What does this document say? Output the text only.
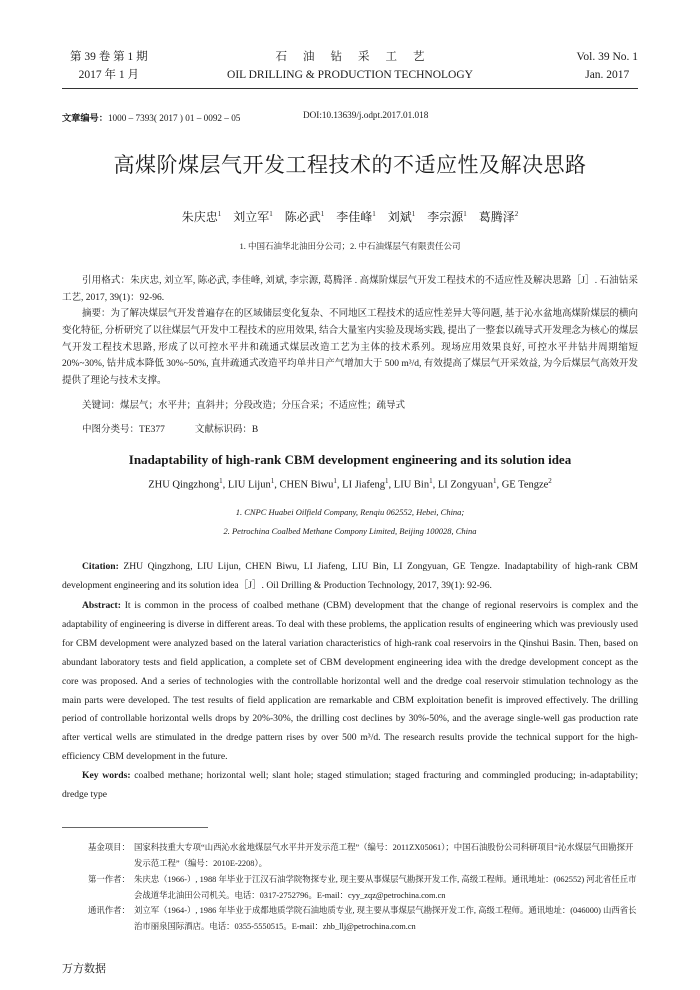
第 39 卷 第 1 期
2017 年 1 月
石油钻采工艺
OIL DRILLING & PRODUCTION TECHNOLOGY
Vol. 39 No. 1
Jan. 2017
文章编号：1000 – 7393( 2017 ) 01 – 0092 – 05	DOI:10.13639/j.odpt.2017.01.018
高煤阶煤层气开发工程技术的不适应性及解决思路
朱庆忠$^1$  刘立军$^1$  陈必武$^1$  李佳峰$^1$  刘斌$^1$  李宗源$^1$  葛腾泽$^2$
1. 中国石油华北油田分公司；2. 中石油煤层气有限责任公司
引用格式：朱庆忠, 刘立军, 陈必武, 李佳峰, 刘斌, 李宗源, 葛腾泽 . 高煤阶煤层气开发工程技术的不适应性及解决思路［J］. 石油钻采工艺, 2017, 39(1)：92-96.
摘要：为了解决煤层气开发普遍存在的区域储层变化复杂、不同地区工程技术的适应性差异大等问题, 基于沁水盆地高煤阶煤层的横向变化特征, 分析研究了以往煤层气开发中工程技术的应用效果, 结合大量室内实验及现场实践, 提出了一整套以疏导式开发理念为核心的煤层气开发工程技术思路, 形成了以可控水平井和疏通式煤层改造工艺为主体的技术系列。现场应用效果良好, 可控水平井钻井周期缩短 20%~30%, 钻井成本降低 30%~50%, 直井疏通式改造平均单井日产气增加大于 500 m³/d, 有效提高了煤层气开采效益, 为今后煤层气高效开发提供了理论与技术支撑。
关键词：煤层气；水平井；直斜井；分段改造；分压合采；不适应性；疏导式
中图分类号：TE377	文献标识码：B
Inadaptability of high-rank CBM development engineering and its solution idea
ZHU Qingzhong$^1$, LIU Lijun$^1$, CHEN Biwu$^1$, LI Jiafeng$^1$, LIU Bin$^1$, LI Zongyuan$^1$, GE Tengze$^2$
1. CNPC Huabei Oilfield Company, Renqiu 062552, Hebei, China;
2. Petrochina Coalbed Methane Compony Limited, Beijing 100028, China
Citation: ZHU Qingzhong, LIU Lijun, CHEN Biwu, LI Jiafeng, LIU Bin, LI Zongyuan, GE Tengze. Inadaptability of high-rank CBM development engineering and its solution idea［J］. Oil Drilling & Production Technology, 2017, 39(1): 92-96.
Abstract: It is common in the process of coalbed methane (CBM) development that the change of regional reservoirs is complex and the adaptability of engineering is diverse in different areas. To deal with these problems, the application results of engineering which was previously used for CBM development were analyzed based on the lateral variation characteristics of high-rank coal reservoirs in the Qinshui Basin. Then, based on abundant laboratory tests and field application, a complete set of CBM development engineering idea with the dredge development concept as the core was proposed. And a series of technologies with the controllable horizontal well and the dredge coal reservoir stimulation technology as the main parts were developed. The test results of field application are remarkable and CBM exploitation benefit is improved effectively. The drilling period of controllable horizontal wells drops by 20%-30%, the drilling cost declines by 30%-50%, and the average single-well gas production rate after vertical wells are stimulated in the dredge pattern rises by over 500 m³/d. The research results provide the technical support for the high-efficiency CBM development in the future.
Key words: coalbed methane; horizontal well; slant hole; staged stimulation; staged fracturing and commingled producing; in-adaptability; dredge type
基金项目： 国家科技重大专项“山西沁水盆地煤层气水平井开发示范工程”（编号：2011ZX05061）；中国石油股份公司科研项目“沁水煤层气田勘探开发示范工程”（编号：2010E-2208）。
第一作者： 朱庆忠（1966-）, 1988 年毕业于江汉石油学院物探专业, 现主要从事煤层气勘探开发工作, 高级工程师。通讯地址：(062552) 河北省任丘市会战道华北油田公司机关。电话：0317-2752796。E-mail：cyy_zqz@petrochina.com.cn
通讯作者： 刘立军（1964-）, 1986 年毕业于成都地质学院石油地质专业, 现主要从事煤层气勘探开发工作, 高级工程师。通讯地址：(046000) 山西省长治市丽泉国际酒店。电话：0355-5550515。E-mail：zhb_llj@petrochina.com.cn
万方数据
